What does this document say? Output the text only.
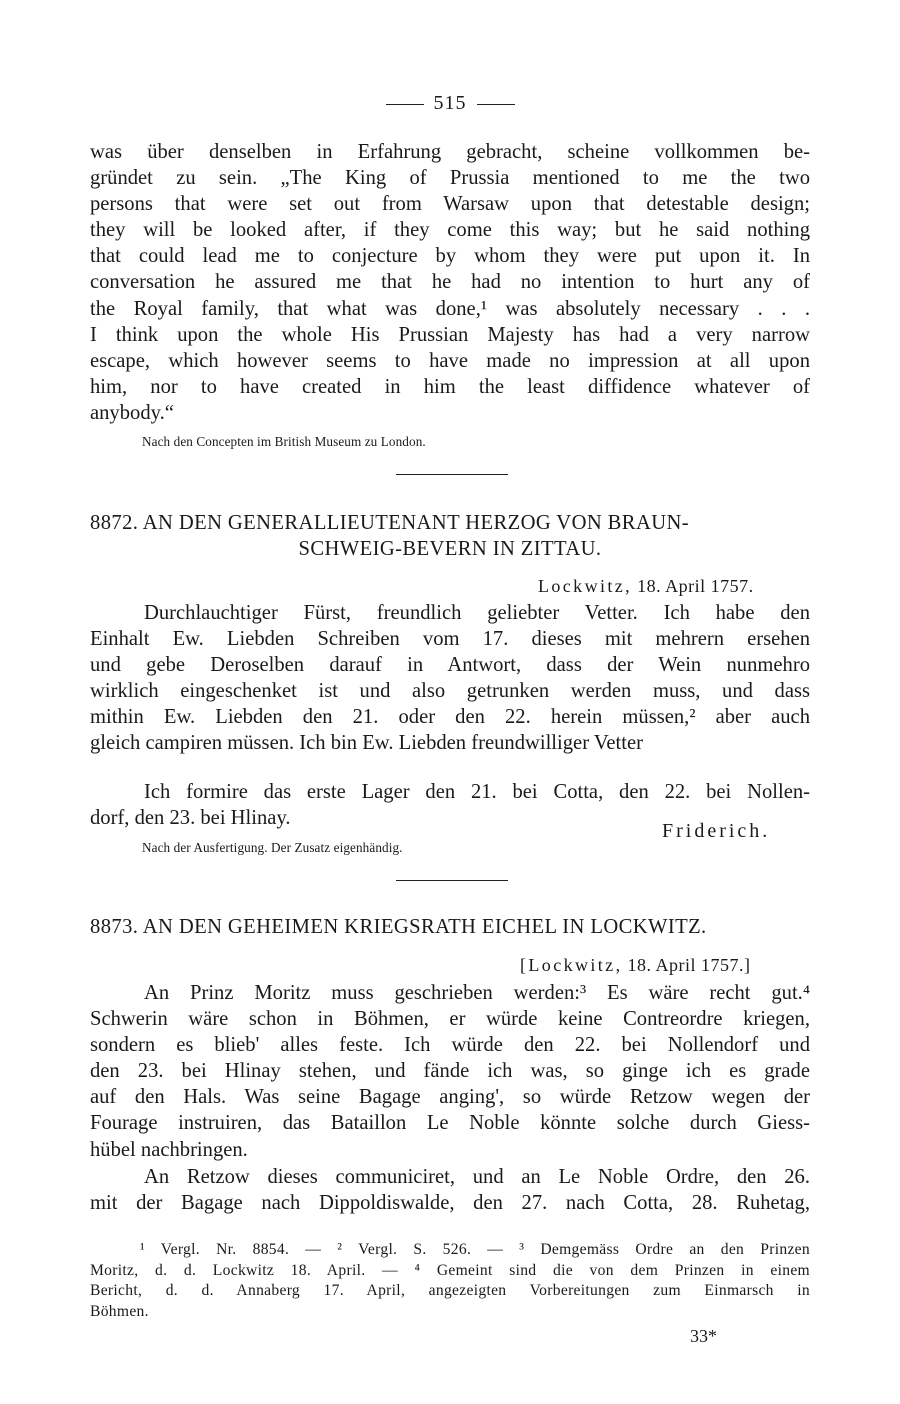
515
was über denselben in Erfahrung gebracht, scheine vollkommen be-
gründet zu sein. „The King of Prussia mentioned to me the two
persons that were set out from Warsaw upon that detestable design;
they will be looked after, if they come this way; but he said nothing
that could lead me to conjecture by whom they were put upon it. In
conversation he assured me that he had no intention to hurt any of
the Royal family, that what was done,¹ was absolutely necessary . . .
I think upon the whole His Prussian Majesty has had a very narrow
escape, which however seems to have made no impression at all upon
him, nor to have created in him the least diffidence whatever of
anybody.“
Nach den Concepten im British Museum zu London.
8872. AN DEN GENERALLIEUTENANT HERZOG VON BRAUN-
SCHWEIG-BEVERN IN ZITTAU.
Lockwitz, 18. April 1757.
Durchlauchtiger Fürst, freundlich geliebter Vetter. Ich habe den
Einhalt Ew. Liebden Schreiben vom 17. dieses mit mehrern ersehen
und gebe Deroselben darauf in Antwort, dass der Wein nunmehro
wirklich eingeschenket ist und also getrunken werden muss, und dass
mithin Ew. Liebden den 21. oder den 22. herein müssen,² aber auch
gleich campiren müssen. Ich bin Ew. Liebden freundwilliger Vetter
Ich formire das erste Lager den 21. bei Cotta, den 22. bei Nollen-
dorf, den 23. bei Hlinay.
Friderich.
Nach der Ausfertigung. Der Zusatz eigenhändig.
8873. AN DEN GEHEIMEN KRIEGSRATH EICHEL IN LOCKWITZ.
[Lockwitz, 18. April 1757.]
An Prinz Moritz muss geschrieben werden:³ Es wäre recht gut.⁴
Schwerin wäre schon in Böhmen, er würde keine Contreordre kriegen,
sondern es blieb' alles feste. Ich würde den 22. bei Nollendorf und
den 23. bei Hlinay stehen, und fände ich was, so ginge ich es grade
auf den Hals. Was seine Bagage anging', so würde Retzow wegen der
Fourage instruiren, das Bataillon Le Noble könnte solche durch Giess-
hübel nachbringen.
An Retzow dieses communiciret, und an Le Noble Ordre, den 26.
mit der Bagage nach Dippoldiswalde, den 27. nach Cotta, 28. Ruhetag,
¹ Vergl. Nr. 8854. — ² Vergl. S. 526. — ³ Demgemäss Ordre an den Prinzen
Moritz, d. d. Lockwitz 18. April. — ⁴ Gemeint sind die von dem Prinzen in einem
Bericht, d. d. Annaberg 17. April, angezeigten Vorbereitungen zum Einmarsch in
Böhmen.
33*
